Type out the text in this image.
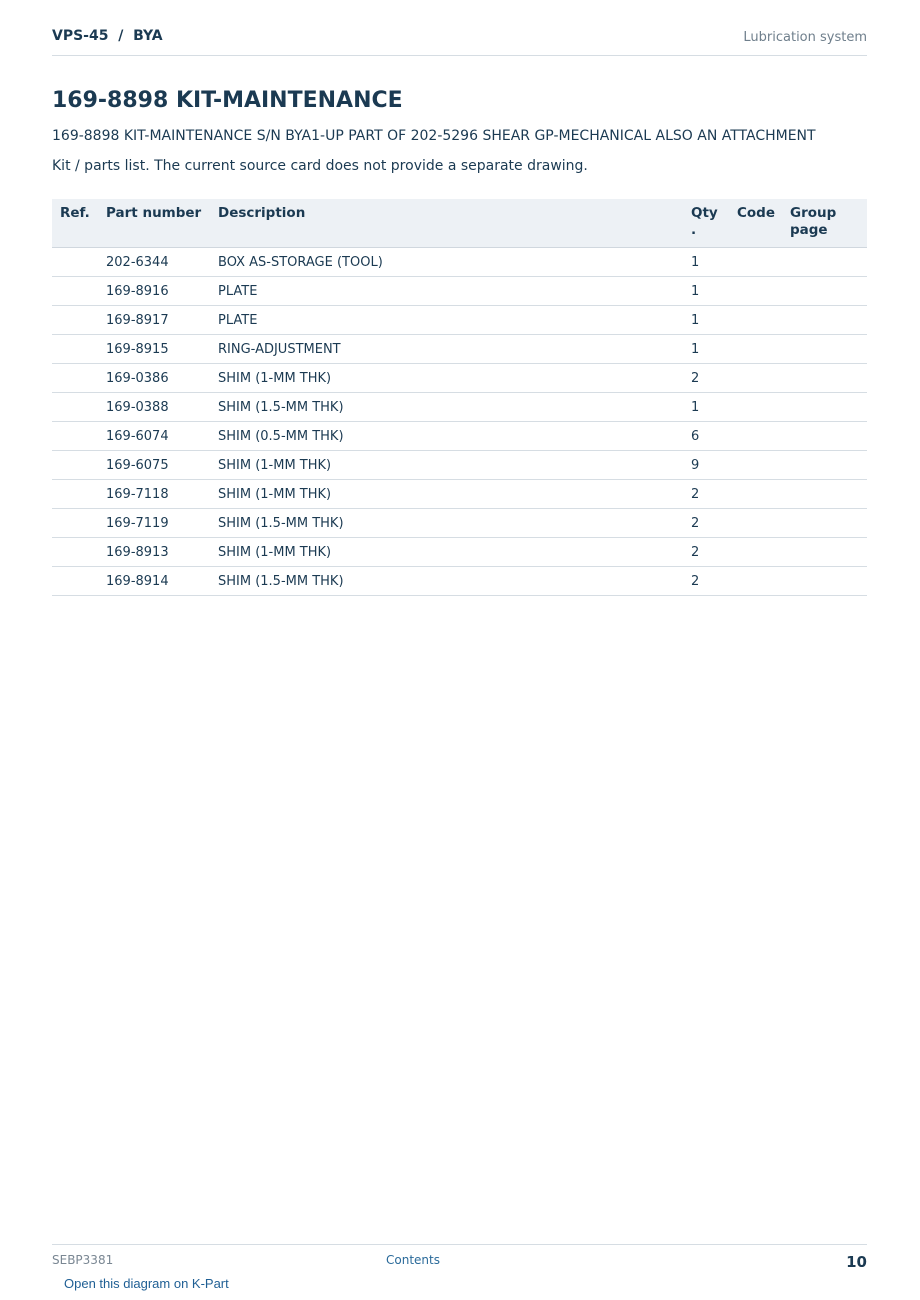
VPS-45  /  BYA	Lubrication system
169-8898 KIT-MAINTENANCE
169-8898 KIT-MAINTENANCE S/N BYA1-UP PART OF 202-5296 SHEAR GP-MECHANICAL ALSO AN ATTACHMENT
Kit / parts list. The current source card does not provide a separate drawing.
Ref.	Part number	Description	Qty .	Code	Group page
	202-6344	BOX AS-STORAGE (TOOL)	1		
	169-8916	PLATE	1		
	169-8917	PLATE	1		
	169-8915	RING-ADJUSTMENT	1		
	169-0386	SHIM (1-MM THK)	2		
	169-0388	SHIM (1.5-MM THK)	1		
	169-6074	SHIM (0.5-MM THK)	6		
	169-6075	SHIM (1-MM THK)	9		
	169-7118	SHIM (1-MM THK)	2		
	169-7119	SHIM (1.5-MM THK)	2		
	169-8913	SHIM (1-MM THK)	2		
	169-8914	SHIM (1.5-MM THK)	2		
SEBP3381	Contents	10
Open this diagram on K-Part
